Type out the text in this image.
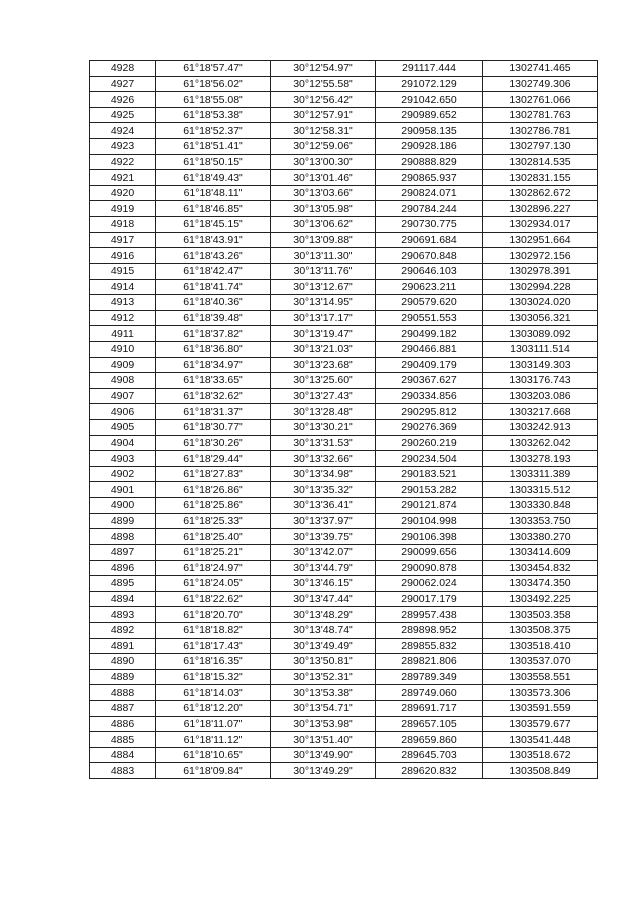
4928	61°18'57.47"	30°12'54.97"	291117.444	1302741.465
4927	61°18'56.02"	30°12'55.58"	291072.129	1302749.306
4926	61°18'55.08"	30°12'56.42"	291042.650	1302761.066
4925	61°18'53.38"	30°12'57.91"	290989.652	1302781.763
4924	61°18'52.37"	30°12'58.31"	290958.135	1302786.781
4923	61°18'51.41"	30°12'59.06"	290928.186	1302797.130
4922	61°18'50.15"	30°13'00.30"	290888.829	1302814.535
4921	61°18'49.43"	30°13'01.46"	290865.937	1302831.155
4920	61°18'48.11"	30°13'03.66"	290824.071	1302862.672
4919	61°18'46.85"	30°13'05.98"	290784.244	1302896.227
4918	61°18'45.15"	30°13'06.62"	290730.775	1302934.017
4917	61°18'43.91"	30°13'09.88"	290691.684	1302951.664
4916	61°18'43.26"	30°13'11.30"	290670.848	1302972.156
4915	61°18'42.47"	30°13'11.76"	290646.103	1302978.391
4914	61°18'41.74"	30°13'12.67"	290623.211	1302994.228
4913	61°18'40.36"	30°13'14.95"	290579.620	1303024.020
4912	61°18'39.48"	30°13'17.17"	290551.553	1303056.321
4911	61°18'37.82"	30°13'19.47"	290499.182	1303089.092
4910	61°18'36.80"	30°13'21.03"	290466.881	1303111.514
4909	61°18'34.97"	30°13'23.68"	290409.179	1303149.303
4908	61°18'33.65"	30°13'25.60"	290367.627	1303176.743
4907	61°18'32.62"	30°13'27.43"	290334.856	1303203.086
4906	61°18'31.37"	30°13'28.48"	290295.812	1303217.668
4905	61°18'30.77"	30°13'30.21"	290276.369	1303242.913
4904	61°18'30.26"	30°13'31.53"	290260.219	1303262.042
4903	61°18'29.44"	30°13'32.66"	290234.504	1303278.193
4902	61°18'27.83"	30°13'34.98"	290183.521	1303311.389
4901	61°18'26.86"	30°13'35.32"	290153.282	1303315.512
4900	61°18'25.86"	30°13'36.41"	290121.874	1303330.848
4899	61°18'25.33"	30°13'37.97"	290104.998	1303353.750
4898	61°18'25.40"	30°13'39.75"	290106.398	1303380.270
4897	61°18'25.21"	30°13'42.07"	290099.656	1303414.609
4896	61°18'24.97"	30°13'44.79"	290090.878	1303454.832
4895	61°18'24.05"	30°13'46.15"	290062.024	1303474.350
4894	61°18'22.62"	30°13'47.44"	290017.179	1303492.225
4893	61°18'20.70"	30°13'48.29"	289957.438	1303503.358
4892	61°18'18.82"	30°13'48.74"	289898.952	1303508.375
4891	61°18'17.43"	30°13'49.49"	289855.832	1303518.410
4890	61°18'16.35"	30°13'50.81"	289821.806	1303537.070
4889	61°18'15.32"	30°13'52.31"	289789.349	1303558.551
4888	61°18'14.03"	30°13'53.38"	289749.060	1303573.306
4887	61°18'12.20"	30°13'54.71"	289691.717	1303591.559
4886	61°18'11.07"	30°13'53.98"	289657.105	1303579.677
4885	61°18'11.12"	30°13'51.40"	289659.860	1303541.448
4884	61°18'10.65"	30°13'49.90"	289645.703	1303518.672
4883	61°18'09.84"	30°13'49.29"	289620.832	1303508.849
